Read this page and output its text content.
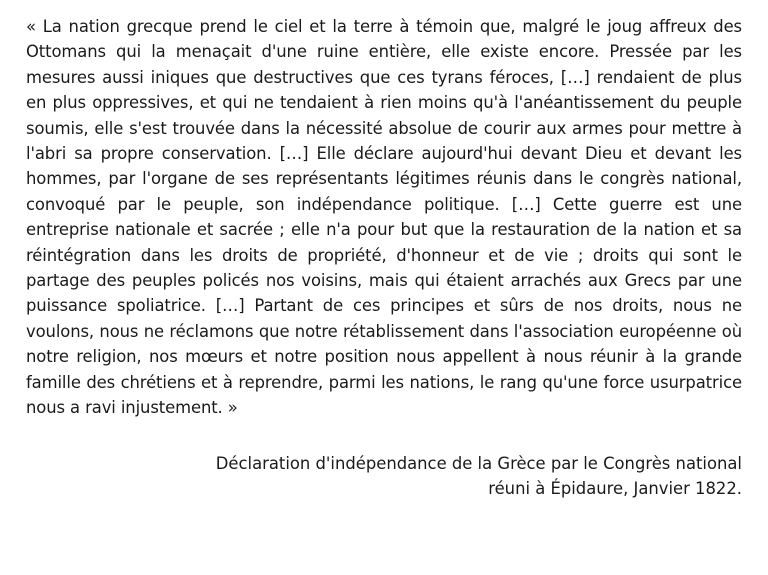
« La nation grecque prend le ciel et la terre à témoin que, malgré le joug affreux des Ottomans qui la menaçait d'une ruine entière, elle existe encore. Pressée par les mesures aussi iniques que destructives que ces tyrans féroces, […] rendaient de plus en plus oppressives, et qui ne tendaient à rien moins qu'à l'anéantissement du peuple soumis, elle s'est trouvée dans la nécessité absolue de courir aux armes pour mettre à l'abri sa propre conservation. […] Elle déclare aujourd'hui devant Dieu et devant les hommes, par l'organe de ses représentants légitimes réunis dans le congrès national, convoqué par le peuple, son indépendance politique. […] Cette guerre est une entreprise nationale et sacrée ; elle n'a pour but que la restauration de la nation et sa réintégration dans les droits de propriété, d'honneur et de vie ; droits qui sont le partage des peuples policés nos voisins, mais qui étaient arrachés aux Grecs par une puissance spoliatrice. […] Partant de ces principes et sûrs de nos droits, nous ne voulons, nous ne réclamons que notre rétablissement dans l'association européenne où notre religion, nos mœurs et notre position nous appellent à nous réunir à la grande famille des chrétiens et à reprendre, parmi les nations, le rang qu'une force usurpatrice nous a ravi injustement. »

Déclaration d'indépendance de la Grèce par le Congrès national
réuni à Épidaure, Janvier 1822.
